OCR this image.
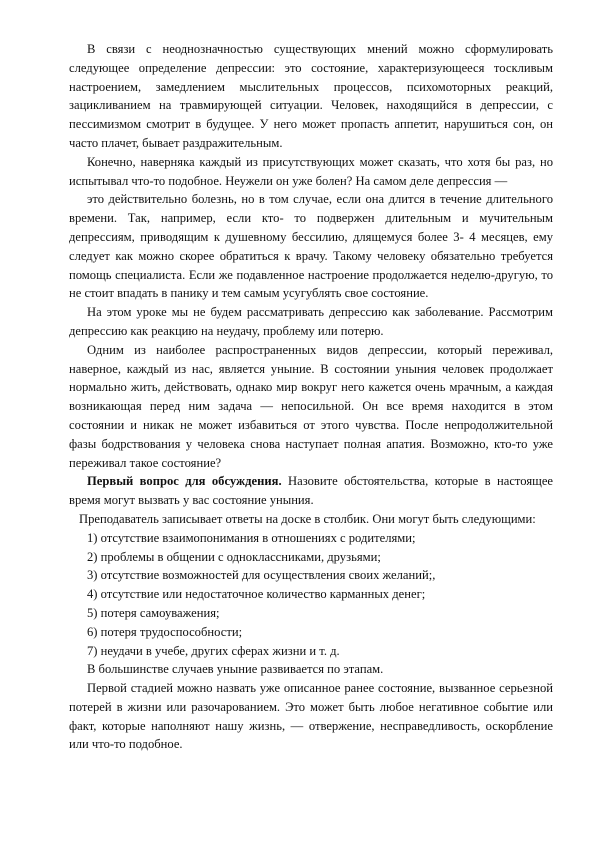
В связи с неоднозначностью существующих мнений можно сформулировать следующее определение депрессии: это состояние, характеризующееся тоскливым настроением, замедлением мыслительных процессов, психомоторных реакций, зацикливанием на травмирующей ситуации. Человек, находящийся в депрессии, с пессимизмом смотрит в будущее. У него может пропасть аппетит, нарушиться сон, он часто плачет, бывает раздражительным.

Конечно, наверняка каждый из присутствующих может сказать, что хотя бы раз, но испытывал что-то подобное. Неужели он уже болен? На самом деле депрессия —

это действительно болезнь, но в том случае, если она длится в течение длительного времени. Так, например, если кто- то подвержен длительным и мучительным депрессиям, приводящим к душевному бессилию, длящемуся более 3- 4 месяцев, ему следует как можно скорее обратиться к врачу. Такому человеку обязательно требуется помощь специалиста. Если же подавленное настроение продолжается неделю-другую, то не стоит впадать в панику и тем самым усугублять свое состояние.

На этом уроке мы не будем рассматривать депрессию как заболевание. Рассмотрим депрессию как реакцию на неудачу, проблему или потерю.

Одним из наиболее распространенных видов депрессии, который переживал, наверное, каждый из нас, является уныние. В состоянии уныния человек продолжает нормально жить, действовать, однако мир вокруг него кажется очень мрачным, а каждая возникающая перед ним задача — непосильной. Он все время находится в этом состоянии и никак не может избавиться от этого чувства. После непродолжительной фазы бодрствования у человека снова наступает полная апатия. Возможно, кто-то уже переживал такое состояние?

Первый вопрос для обсуждения. Назовите обстоятельства, которые в настоящее время могут вызвать у вас состояние уныния.

Преподаватель записывает ответы на доске в столбик. Они могут быть следующими:

1) отсутствие взаимопонимания в отношениях с родителями;
2) проблемы в общении с одноклассниками, друзьями;
3) отсутствие возможностей для осуществления своих желаний;,
4) отсутствие или недостаточное количество карманных денег;
5) потеря самоуважения;
6) потеря трудоспособности;
7) неудачи в учебе, других сферах жизни и т. д.

В большинстве случаев уныние развивается по этапам.

Первой стадией можно назвать уже описанное ранее состояние, вызванное серьезной потерей в жизни или разочарованием. Это может быть любое негативное событие или факт, которые наполняют нашу жизнь, — отвержение, несправедливость, оскорбление или что-то подобное.
